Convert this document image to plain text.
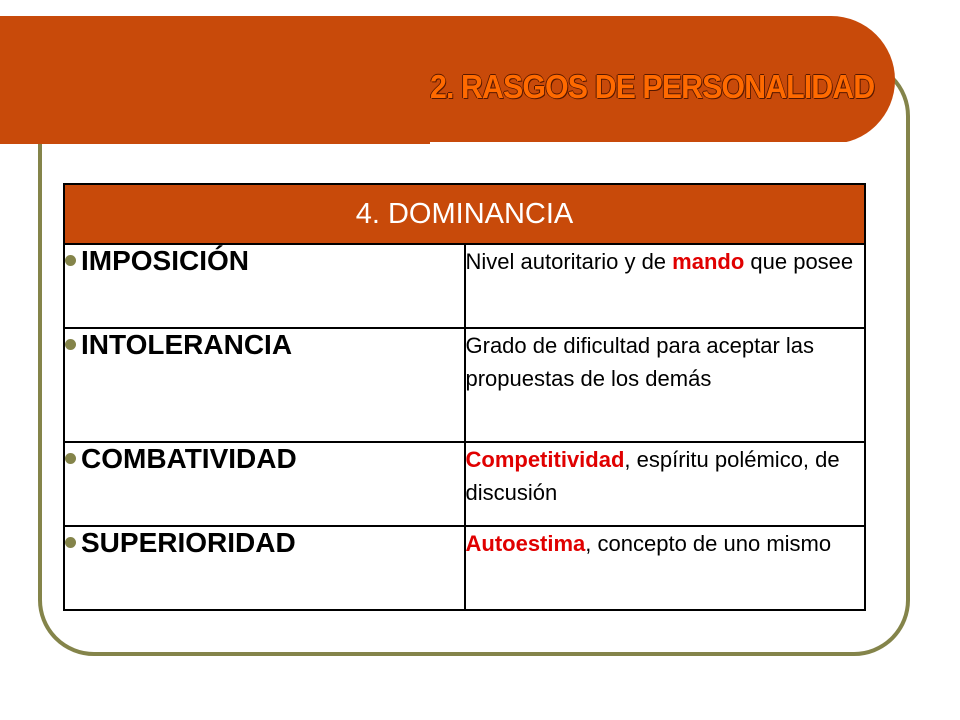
2. RASGOS DE PERSONALIDAD
4. DOMINANCIA	
IMPOSICIÓN	Nivel autoritario y de mando que posee
INTOLERANCIA	Grado de dificultad para aceptar las propuestas de los demás
COMBATIVIDAD	Competitividad, espíritu polémico, de discusión
SUPERIORIDAD	Autoestima, concepto de uno mismo
